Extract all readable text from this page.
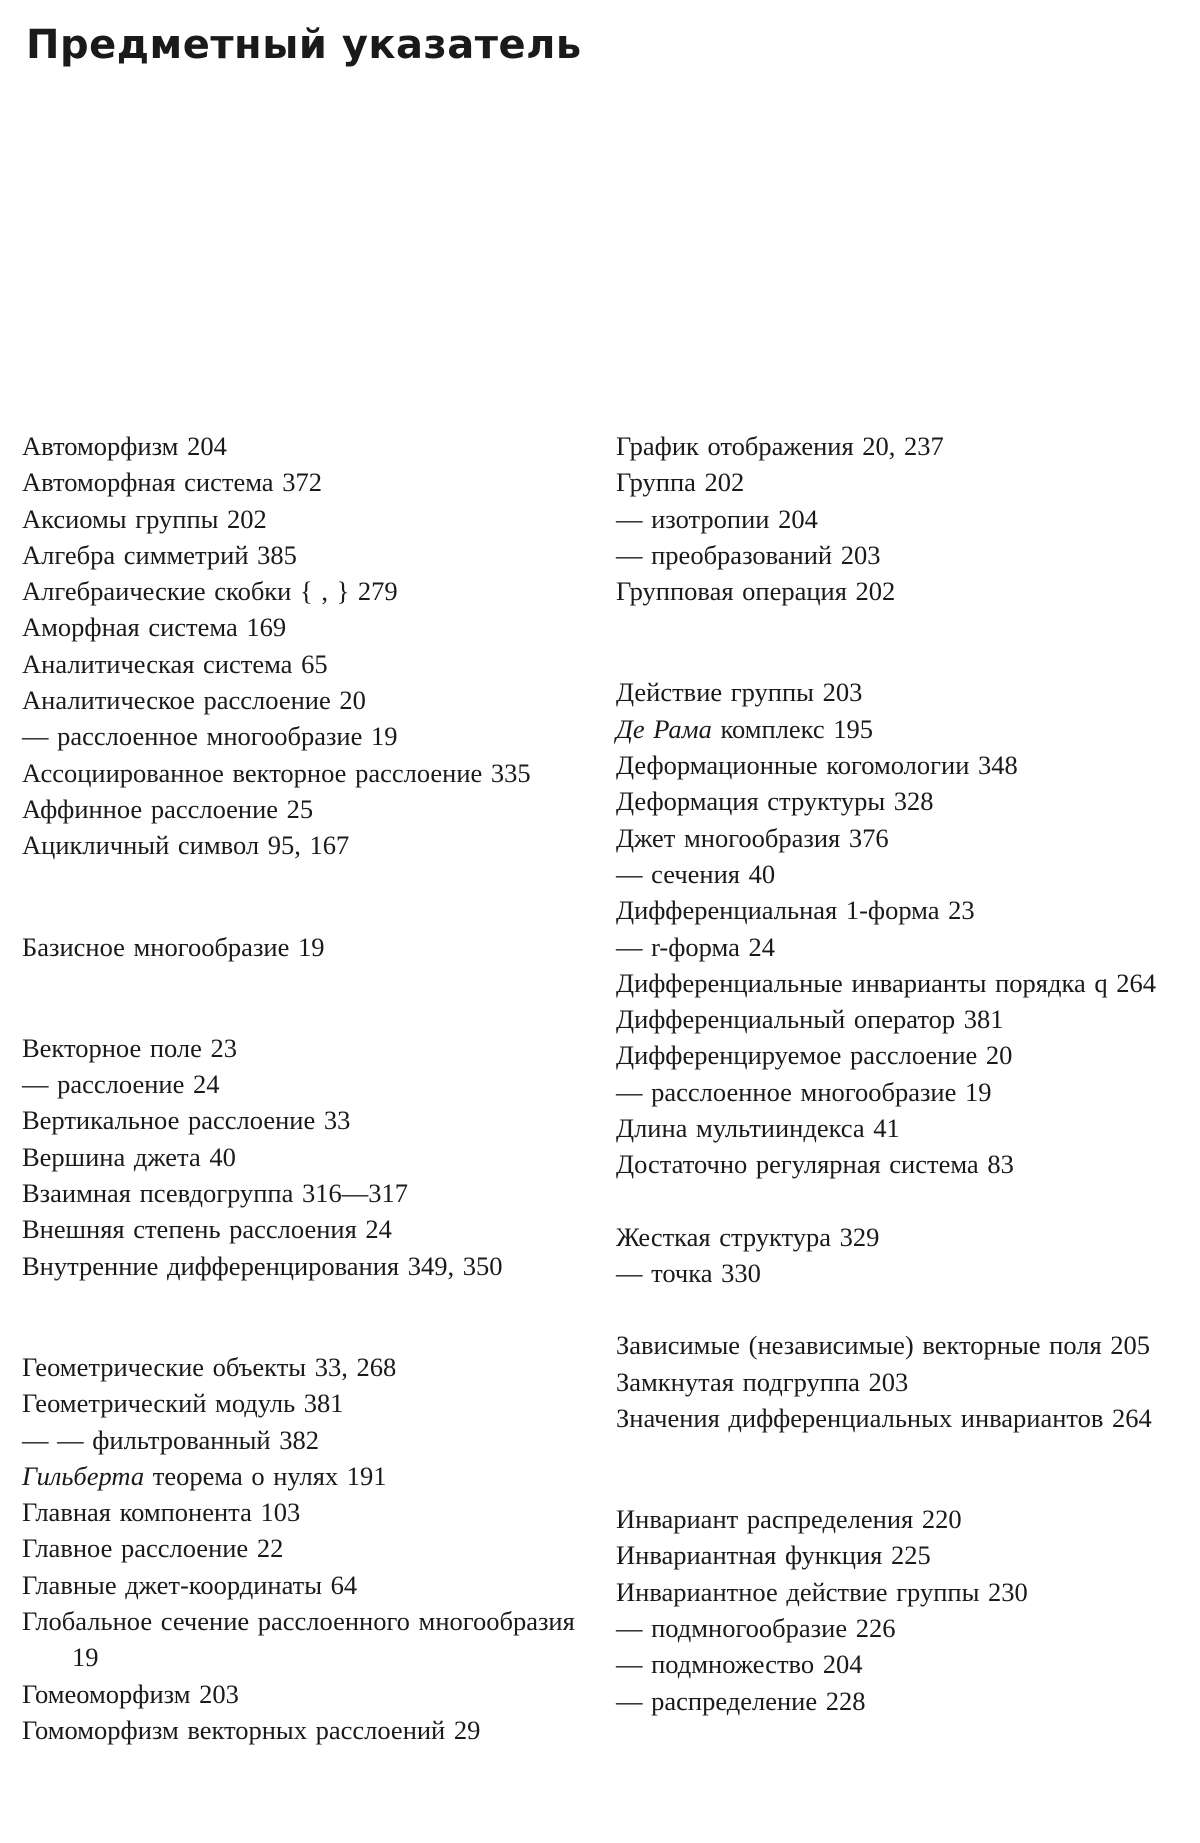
Предметный указатель

Автоморфизм 204

Автоморфная система 372

Аксиомы группы 202

Алгебра симметрий 385

Алгебраические скобки { , } 279

Аморфная система 169

Аналитическая система 65

Аналитическое расслоение 20

— расслоенное многообразие 19

Ассоциированное векторное расслоение 335

Аффинное расслоение 25

Ацикличный символ 95, 167

Базисное многообразие 19

Векторное поле 23

— расслоение 24

Вертикальное расслоение 33

Вершина джета 40

Взаимная псевдогруппа 316—317

Внешняя степень расслоения 24

Внутренние дифференцирования 349, 350

Геометрические объекты 33, 268

Геометрический модуль 381

— — фильтрованный 382

Гильберта теорема о нулях 191

Главная компонента 103

Главное расслоение 22

Главные джет-координаты 64

Глобальное сечение расслоенного многообразия 19

Гомеоморфизм 203

Гомоморфизм векторных расслоений 29

График отображения 20, 237

Группа 202

— изотропии 204

— преобразований 203

Групповая операция 202

Действие группы 203

Де Рама комплекс 195

Деформационные когомологии 348

Деформация структуры 328

Джет многообразия 376

— сечения 40

Дифференциальная 1-форма 23

— r-форма 24

Дифференциальные инварианты порядка q 264

Дифференциальный оператор 381

Дифференцируемое расслоение 20

— расслоенное многообразие 19

Длина мультииндекса 41

Достаточно регулярная система 83

Жесткая структура 329

— точка 330

Зависимые (независимые) векторные поля 205

Замкнутая подгруппа 203

Значения дифференциальных инвариантов 264

Инвариант распределения 220

Инвариантная функция 225

Инвариантное действие группы 230

— подмногообразие 226

— подмножество 204

— распределение 228
